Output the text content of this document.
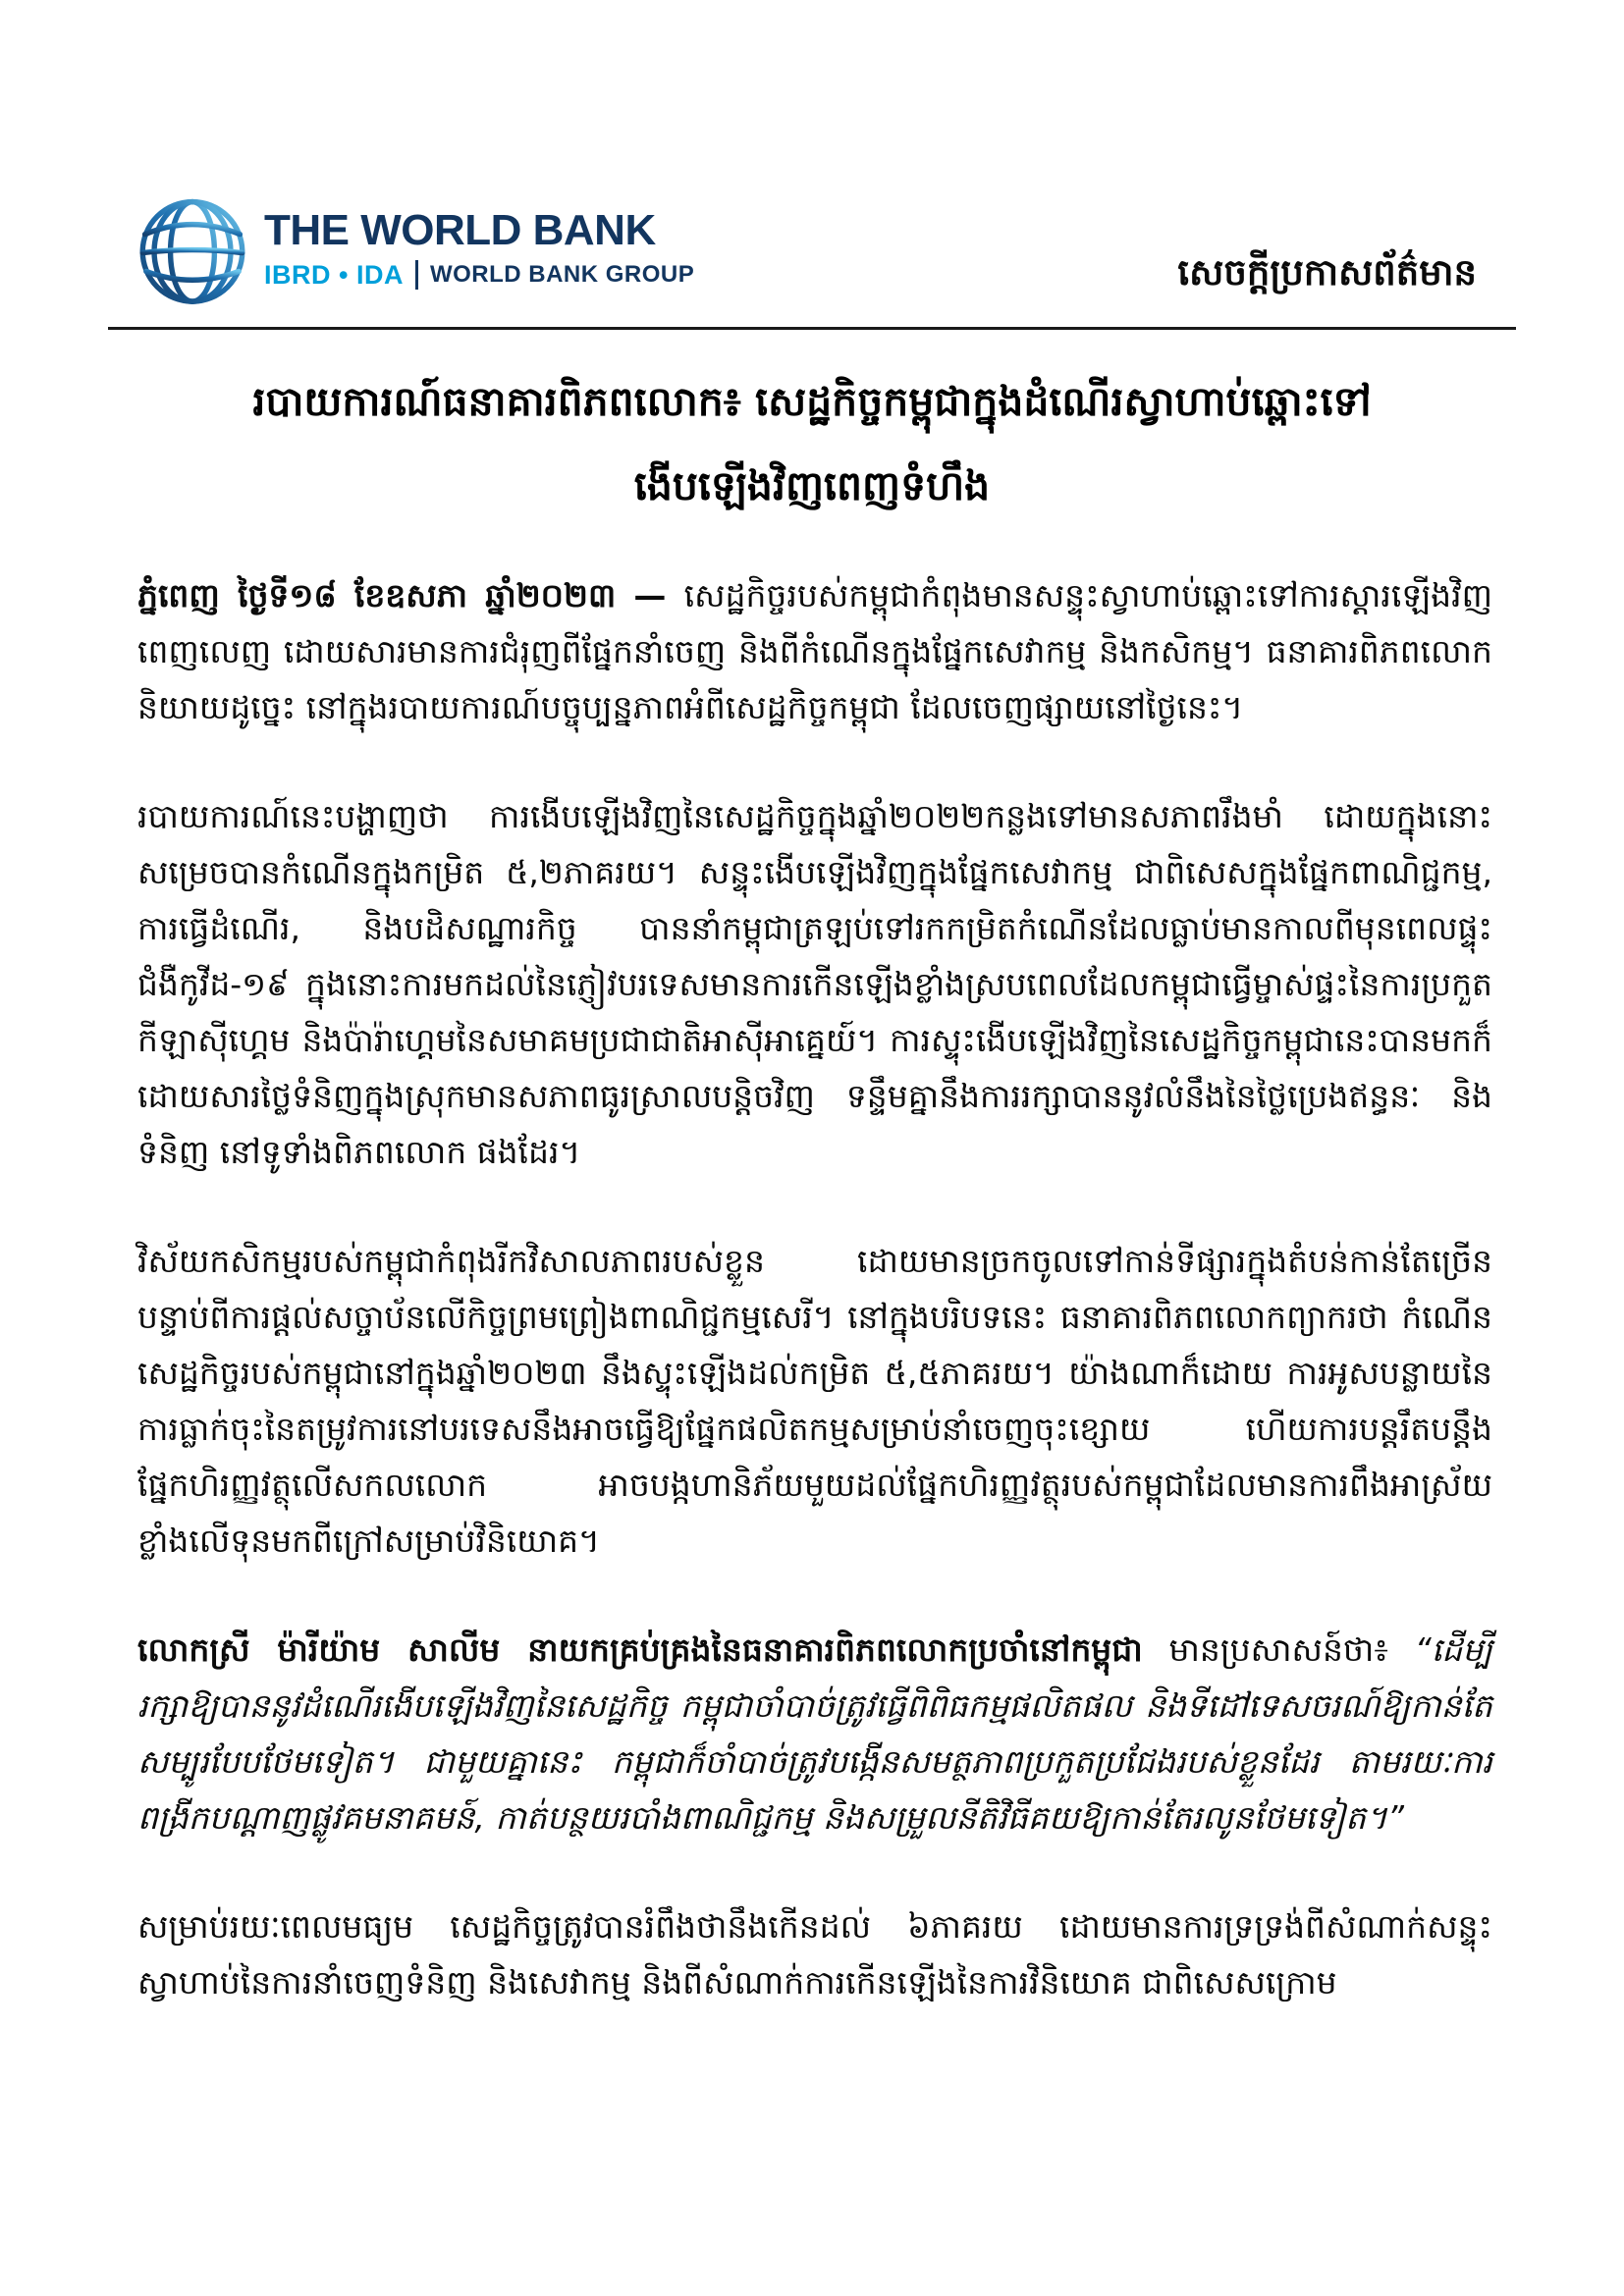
THE WORLD BANK
IBRD • IDA WORLD BANK GROUP	សេចក្ដីប្រកាសព័ត៌មាន
របាយការណ៍ធនាគារពិភពលោក៖ សេដ្ឋកិច្ចកម្ពុជាក្នុងដំណើរស្វាហាប់ឆ្ពោះទៅ
ងើបឡើងវិញពេញទំហឹង

ភ្នំពេញ ថ្ងៃទី១៨ ខែឧសភា ឆ្នាំ២០២៣ — សេដ្ឋកិច្ចរបស់កម្ពុជាកំពុងមានសន្ទុះស្វាហាប់ឆ្ពោះទៅការស្ដារឡើងវិញពេញលេញ ដោយសារមានការជំរុញពីផ្នែកនាំចេញ និងពីកំណើនក្នុងផ្នែកសេវាកម្ម និងកសិកម្ម។ ធនាគារពិភពលោកនិយាយដូច្នេះ នៅក្នុងរបាយការណ៍បច្ចុប្បន្នភាពអំពីសេដ្ឋកិច្ចកម្ពុជា ដែលចេញផ្សាយនៅថ្ងៃនេះ។

របាយការណ៍នេះបង្ហាញថា ការងើបឡើងវិញនៃសេដ្ឋកិច្ចក្នុងឆ្នាំ២០២២កន្លងទៅមានសភាពរឹងមាំ ដោយក្នុងនោះសម្រេចបានកំណើនក្នុងកម្រិត ៥,២ភាគរយ។ សន្ទុះងើបឡើងវិញក្នុងផ្នែកសេវាកម្ម ជាពិសេសក្នុងផ្នែកពាណិជ្ជកម្ម, ការធ្វើដំណើរ, និងបដិសណ្ឋារកិច្ច បាននាំកម្ពុជាត្រឡប់ទៅរកកម្រិតកំណើនដែលធ្លាប់មានកាលពីមុនពេលផ្ទុះជំងឺកូវីដ-១៩ ក្នុងនោះការមកដល់នៃភ្ញៀវបរទេសមានការកើនឡើងខ្លាំងស្របពេលដែលកម្ពុជាធ្វើម្ចាស់ផ្ទះនៃការប្រកួតកីឡាស៊ីហ្គេម និងប៉ារ៉ាហ្គេមនៃសមាគមប្រជាជាតិអាស៊ីអាគ្នេយ៍។ ការស្ទុះងើបឡើងវិញនៃសេដ្ឋកិច្ចកម្ពុជានេះបានមកក៏ដោយសារថ្លៃទំនិញក្នុងស្រុកមានសភាពធូរស្រាលបន្តិចវិញ ទន្ទឹមគ្នានឹងការរក្សាបាននូវលំនឹងនៃថ្លៃប្រេងឥន្ធនៈ និងទំនិញ នៅទូទាំងពិភពលោក ផងដែរ។

វិស័យកសិកម្មរបស់កម្ពុជាកំពុងរីកវិសាលភាពរបស់ខ្លួន ដោយមានច្រកចូលទៅកាន់ទីផ្សារក្នុងតំបន់កាន់តែច្រើនបន្ទាប់ពីការផ្តល់សច្ចាប័នលើកិច្ចព្រមព្រៀងពាណិជ្ជកម្មសេរី។ នៅក្នុងបរិបទនេះ ធនាគារពិភពលោកព្យាករថា កំណើនសេដ្ឋកិច្ចរបស់កម្ពុជានៅក្នុងឆ្នាំ២០២៣ នឹងស្ទុះឡើងដល់កម្រិត ៥,៥ភាគរយ។ យ៉ាងណាក៏ដោយ ការអូសបន្លាយនៃការធ្លាក់ចុះនៃតម្រូវការនៅបរទេសនឹងអាចធ្វើឱ្យផ្នែកផលិតកម្មសម្រាប់នាំចេញចុះខ្សោយ ហើយការបន្តរឹតបន្តឹងផ្នែកហិរញ្ញវត្ថុលើសកលលោក អាចបង្កហានិភ័យមួយដល់ផ្នែកហិរញ្ញវត្ថុរបស់កម្ពុជាដែលមានការពឹងអាស្រ័យខ្លាំងលើទុនមកពីក្រៅសម្រាប់វិនិយោគ។

លោកស្រី ម៉ារីយ៉ាម សាលីម នាយកគ្រប់គ្រងនៃធនាគារពិភពលោកប្រចាំនៅកម្ពុជា មានប្រសាសន៍ថា៖ “ដើម្បីរក្សាឱ្យបាននូវដំណើរងើបឡើងវិញនៃសេដ្ឋកិច្ច កម្ពុជាចាំបាច់ត្រូវធ្វើពិពិធកម្មផលិតផល និងទីដៅទេសចរណ៍ឱ្យកាន់តែសម្បូរបែបថែមទៀត។ ជាមួយគ្នានេះ កម្ពុជាក៏ចាំបាច់ត្រូវបង្កើនសមត្ថភាពប្រកួតប្រជែងរបស់ខ្លួនដែរ តាមរយៈការពង្រីកបណ្ដាញផ្លូវគមនាគមន៍, កាត់បន្ថយរបាំងពាណិជ្ជកម្ម និងសម្រួលនីតិវិធីគយឱ្យកាន់តែរលូនថែមទៀត។”

សម្រាប់រយៈពេលមធ្យម សេដ្ឋកិច្ចត្រូវបានរំពឹងថានឹងកើនដល់ ៦ភាគរយ ដោយមានការទ្រទ្រង់ពីសំណាក់សន្ទុះស្វាហាប់នៃការនាំចេញទំនិញ និងសេវាកម្ម និងពីសំណាក់ការកើនឡើងនៃការវិនិយោគ ជាពិសេសក្រោម
